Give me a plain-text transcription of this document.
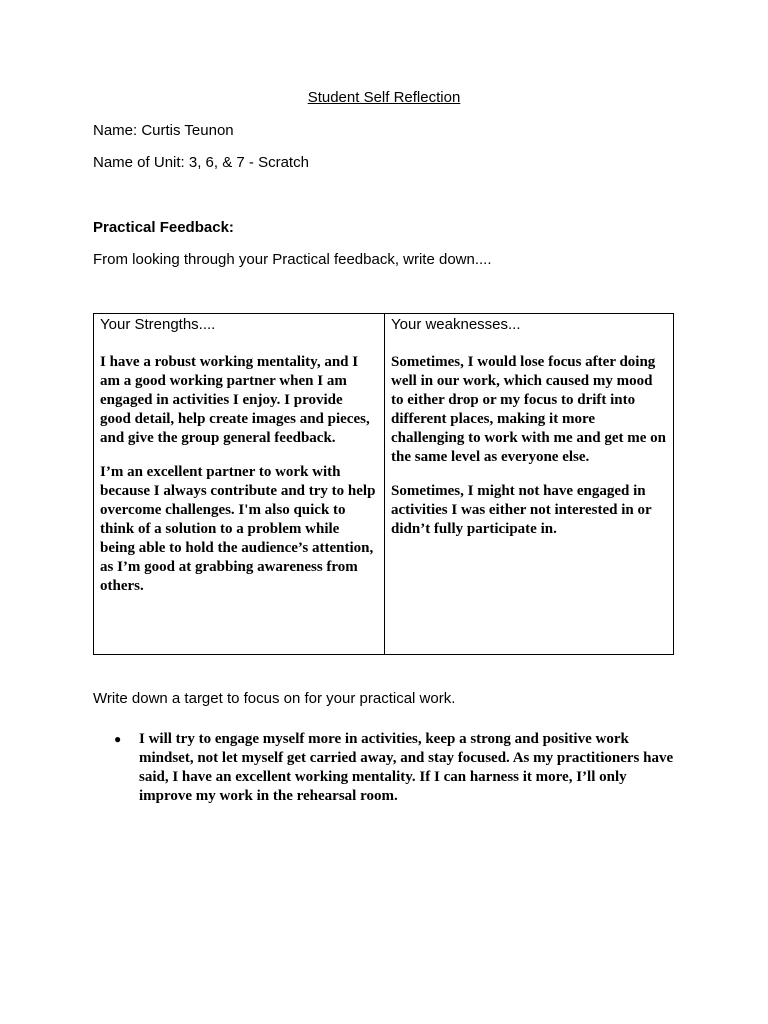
Student Self Reflection
Name: Curtis Teunon
Name of Unit: 3, 6, & 7 - Scratch
Practical Feedback:
From looking through your Practical feedback, write down....
Your Strengths....
I have a robust working mentality, and I am a good working partner when I am engaged in activities I enjoy. I provide good detail, help create images and pieces, and give the group general feedback.
I’m an excellent partner to work with because I always contribute and try to help overcome challenges. I'm also quick to think of a solution to a problem while being able to hold the audience’s attention, as I’m good at grabbing awareness from others.
Your weaknesses...
Sometimes, I would lose focus after doing well in our work, which caused my mood to either drop or my focus to drift into different places, making it more challenging to work with me and get me on the same level as everyone else.
Sometimes, I might not have engaged in activities I was either not interested in or didn’t fully participate in.
Write down a target to focus on for your practical work.
●	I will try to engage myself more in activities, keep a strong and positive work mindset, not let myself get carried away, and stay focused. As my practitioners have said, I have an excellent working mentality. If I can harness it more, I’ll only improve my work in the rehearsal room.
